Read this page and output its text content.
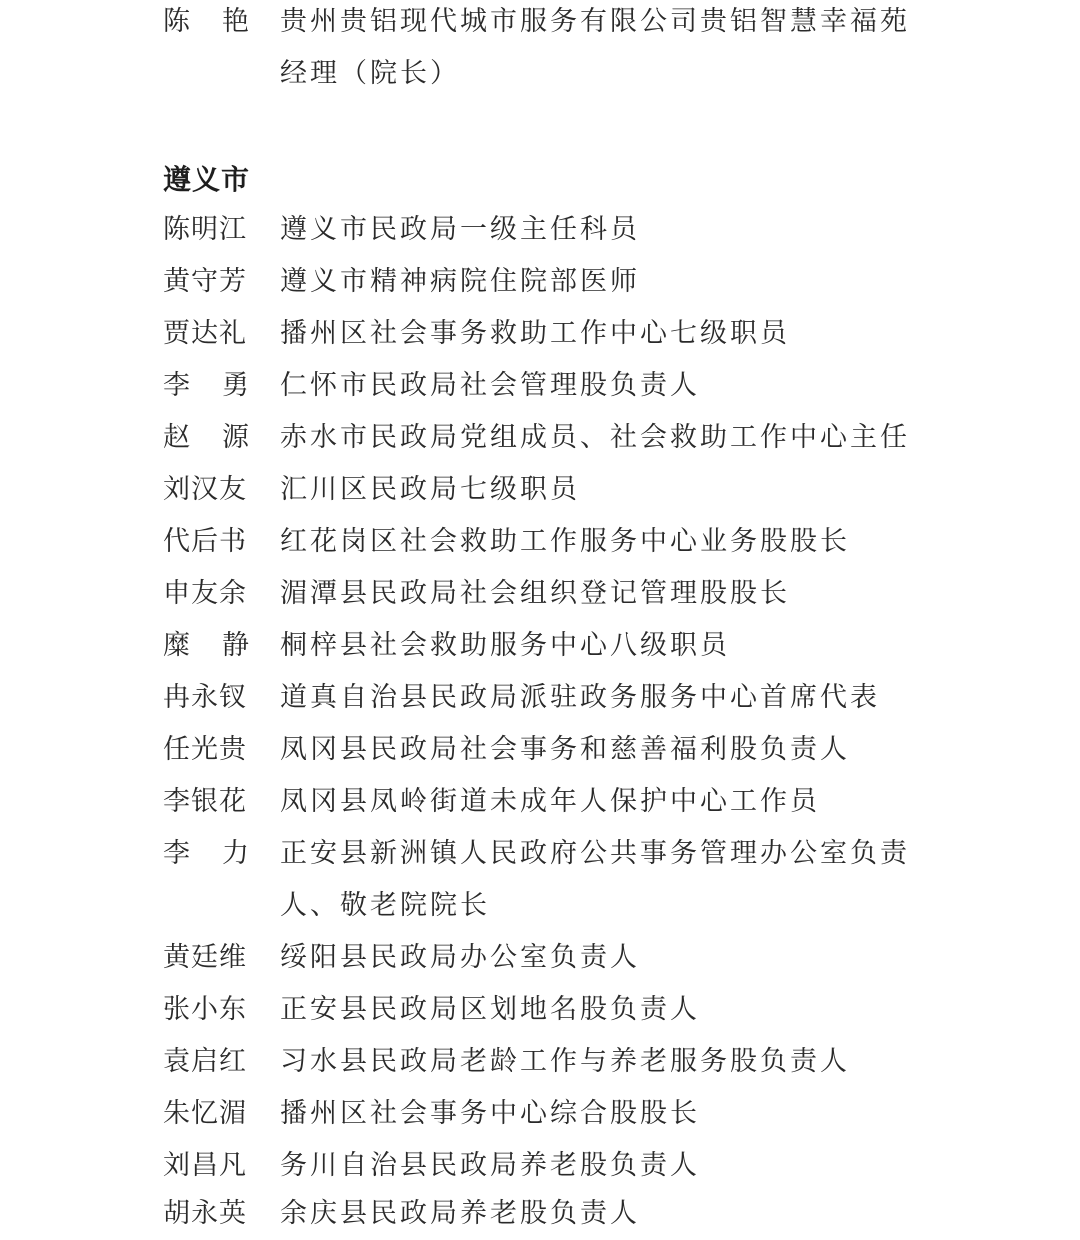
陈 艳 贵州贵铝现代城市服务有限公司贵铝智慧幸福苑
经理（院长）
遵义市
陈明江 遵义市民政局一级主任科员
黄守芳 遵义市精神病院住院部医师
贾达礼 播州区社会事务救助工作中心七级职员
李 勇 仁怀市民政局社会管理股负责人
赵 源 赤水市民政局党组成员、社会救助工作中心主任
刘汉友 汇川区民政局七级职员
代后书 红花岗区社会救助工作服务中心业务股股长
申友余 湄潭县民政局社会组织登记管理股股长
糜 静 桐梓县社会救助服务中心八级职员
冉永钗 道真自治县民政局派驻政务服务中心首席代表
任光贵 凤冈县民政局社会事务和慈善福利股负责人
李银花 凤冈县凤岭街道未成年人保护中心工作员
李 力 正安县新洲镇人民政府公共事务管理办公室负责
人、敬老院院长
黄廷维 绥阳县民政局办公室负责人
张小东 正安县民政局区划地名股负责人
袁启红 习水县民政局老龄工作与养老服务股负责人
朱忆湄 播州区社会事务中心综合股股长
刘昌凡 务川自治县民政局养老股负责人
胡永英 余庆县民政局养老股负责人
